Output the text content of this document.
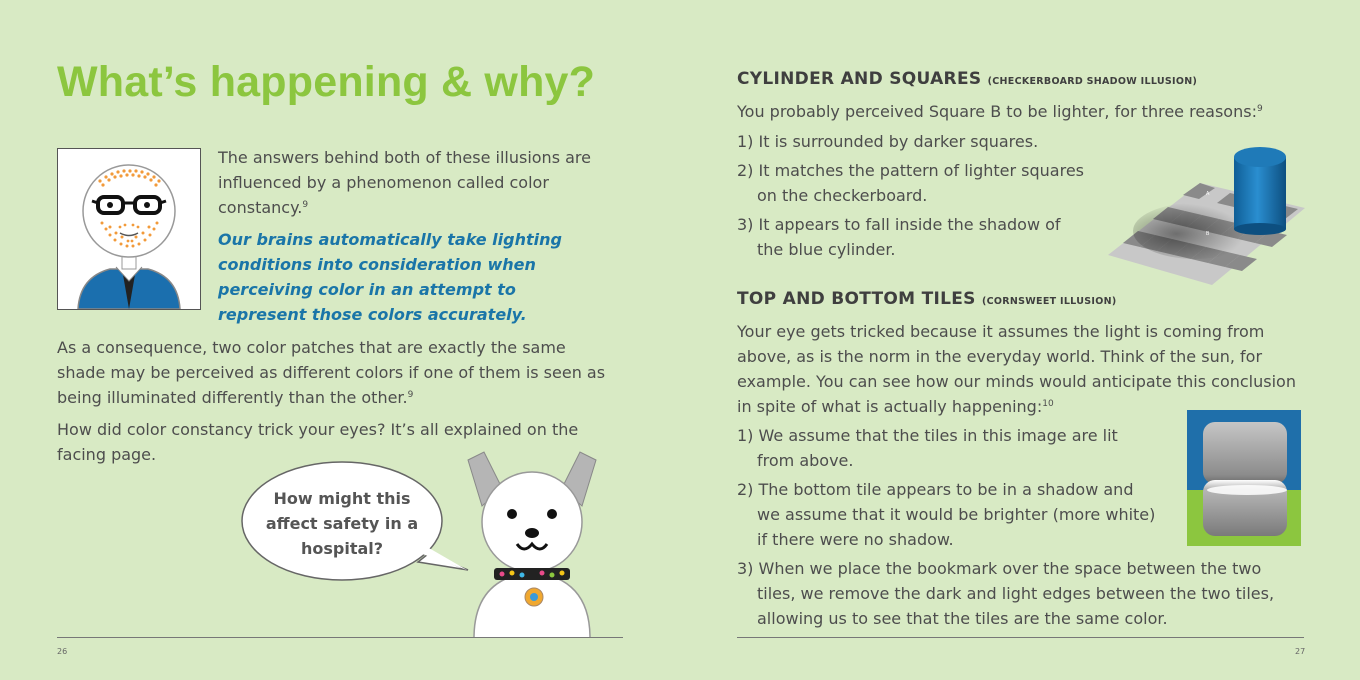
What’s happening & why?
The answers behind both of these illusions are influenced by a phenomenon called color constancy.$^9$
Our brains automatically take lighting conditions into consideration when perceiving color in an attempt to represent those colors accurately.
As a consequence, two color patches that are exactly the same shade may be perceived as different colors if one of them is seen as being illuminated differently than the other.$^9$
How did color constancy trick your eyes? It’s all explained on the facing page.
How might this affect safety in a hospital?
26
CYLINDER AND SQUARES (CHECKERBOARD SHADOW ILLUSION)
You probably perceived Square B to be lighter, for three reasons:$^9$
1) It is surrounded by darker squares.
2) It matches the pattern of lighter squares
on the checkerboard.
3) It appears to fall inside the shadow of
the blue cylinder.
A
B
TOP AND BOTTOM TILES (CORNSWEET ILLUSION)
Your eye gets tricked because it assumes the light is coming from above, as is the norm in the everyday world. Think of the sun, for example. You can see how our minds would anticipate this conclusion in spite of what is actually happening:$^{10}$
1) We assume that the tiles in this image are lit
from above.
2) The bottom tile appears to be in a shadow and
we assume that it would be brighter (more white)
if there were no shadow.
3) When we place the bookmark over the space between the two
tiles, we remove the dark and light edges between the two tiles,
allowing us to see that the tiles are the same color.
27
